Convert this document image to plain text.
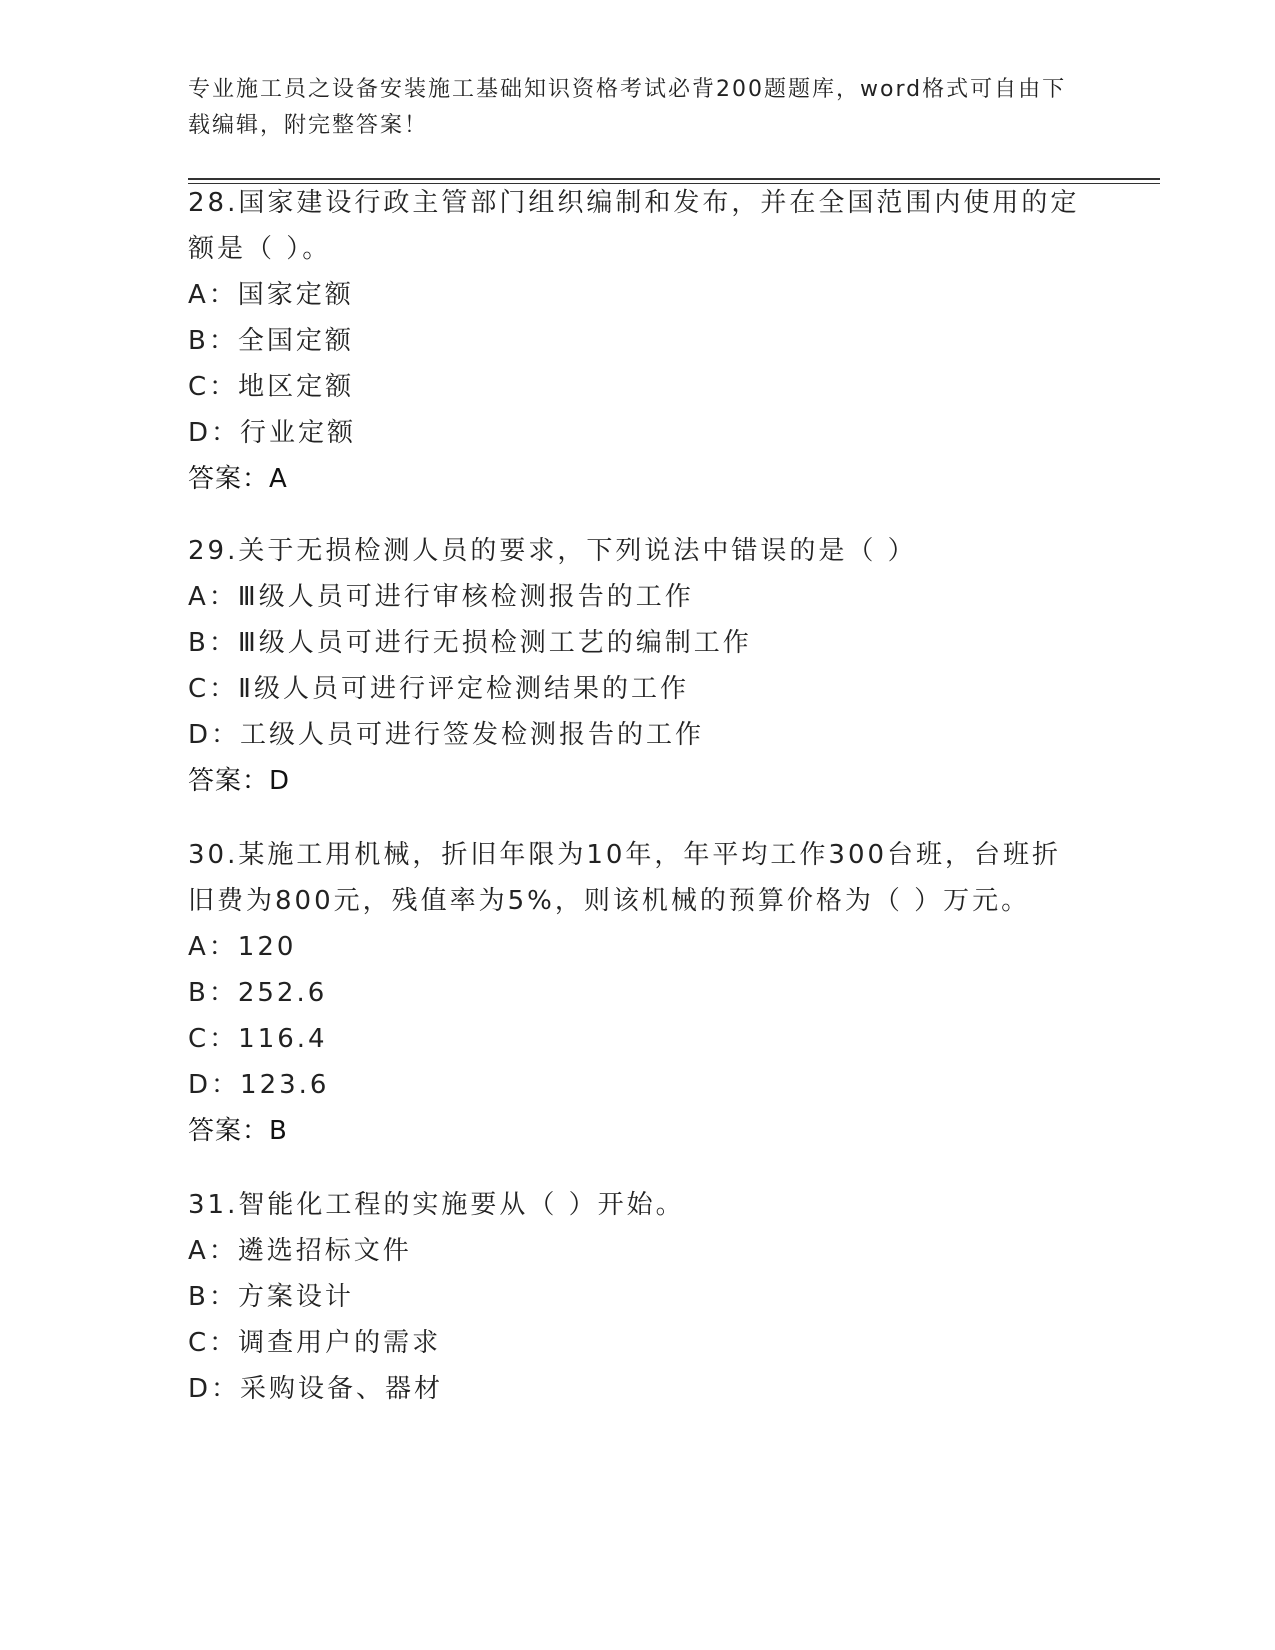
专业施工员之设备安装施工基础知识资格考试必背200题题库，word格式可自由下载编辑，附完整答案！

28.国家建设行政主管部门组织编制和发布，并在全国范围内使用的定额是（ ）。

A：国家定额

B：全国定额

C：地区定额

D：行业定额

答案：A

29.关于无损检测人员的要求，下列说法中错误的是（ ）

A：Ⅲ级人员可进行审核检测报告的工作

B：Ⅲ级人员可进行无损检测工艺的编制工作

C：Ⅱ级人员可进行评定检测结果的工作

D：工级人员可进行签发检测报告的工作

答案：D

30.某施工用机械，折旧年限为10年，年平均工作300台班，台班折旧费为800元，残值率为5%，则该机械的预算价格为（ ）万元。

A：120

B：252.6

C：116.4

D：123.6

答案：B

31.智能化工程的实施要从（ ）开始。

A：遴选招标文件

B：方案设计

C：调查用户的需求

D：采购设备、器材
